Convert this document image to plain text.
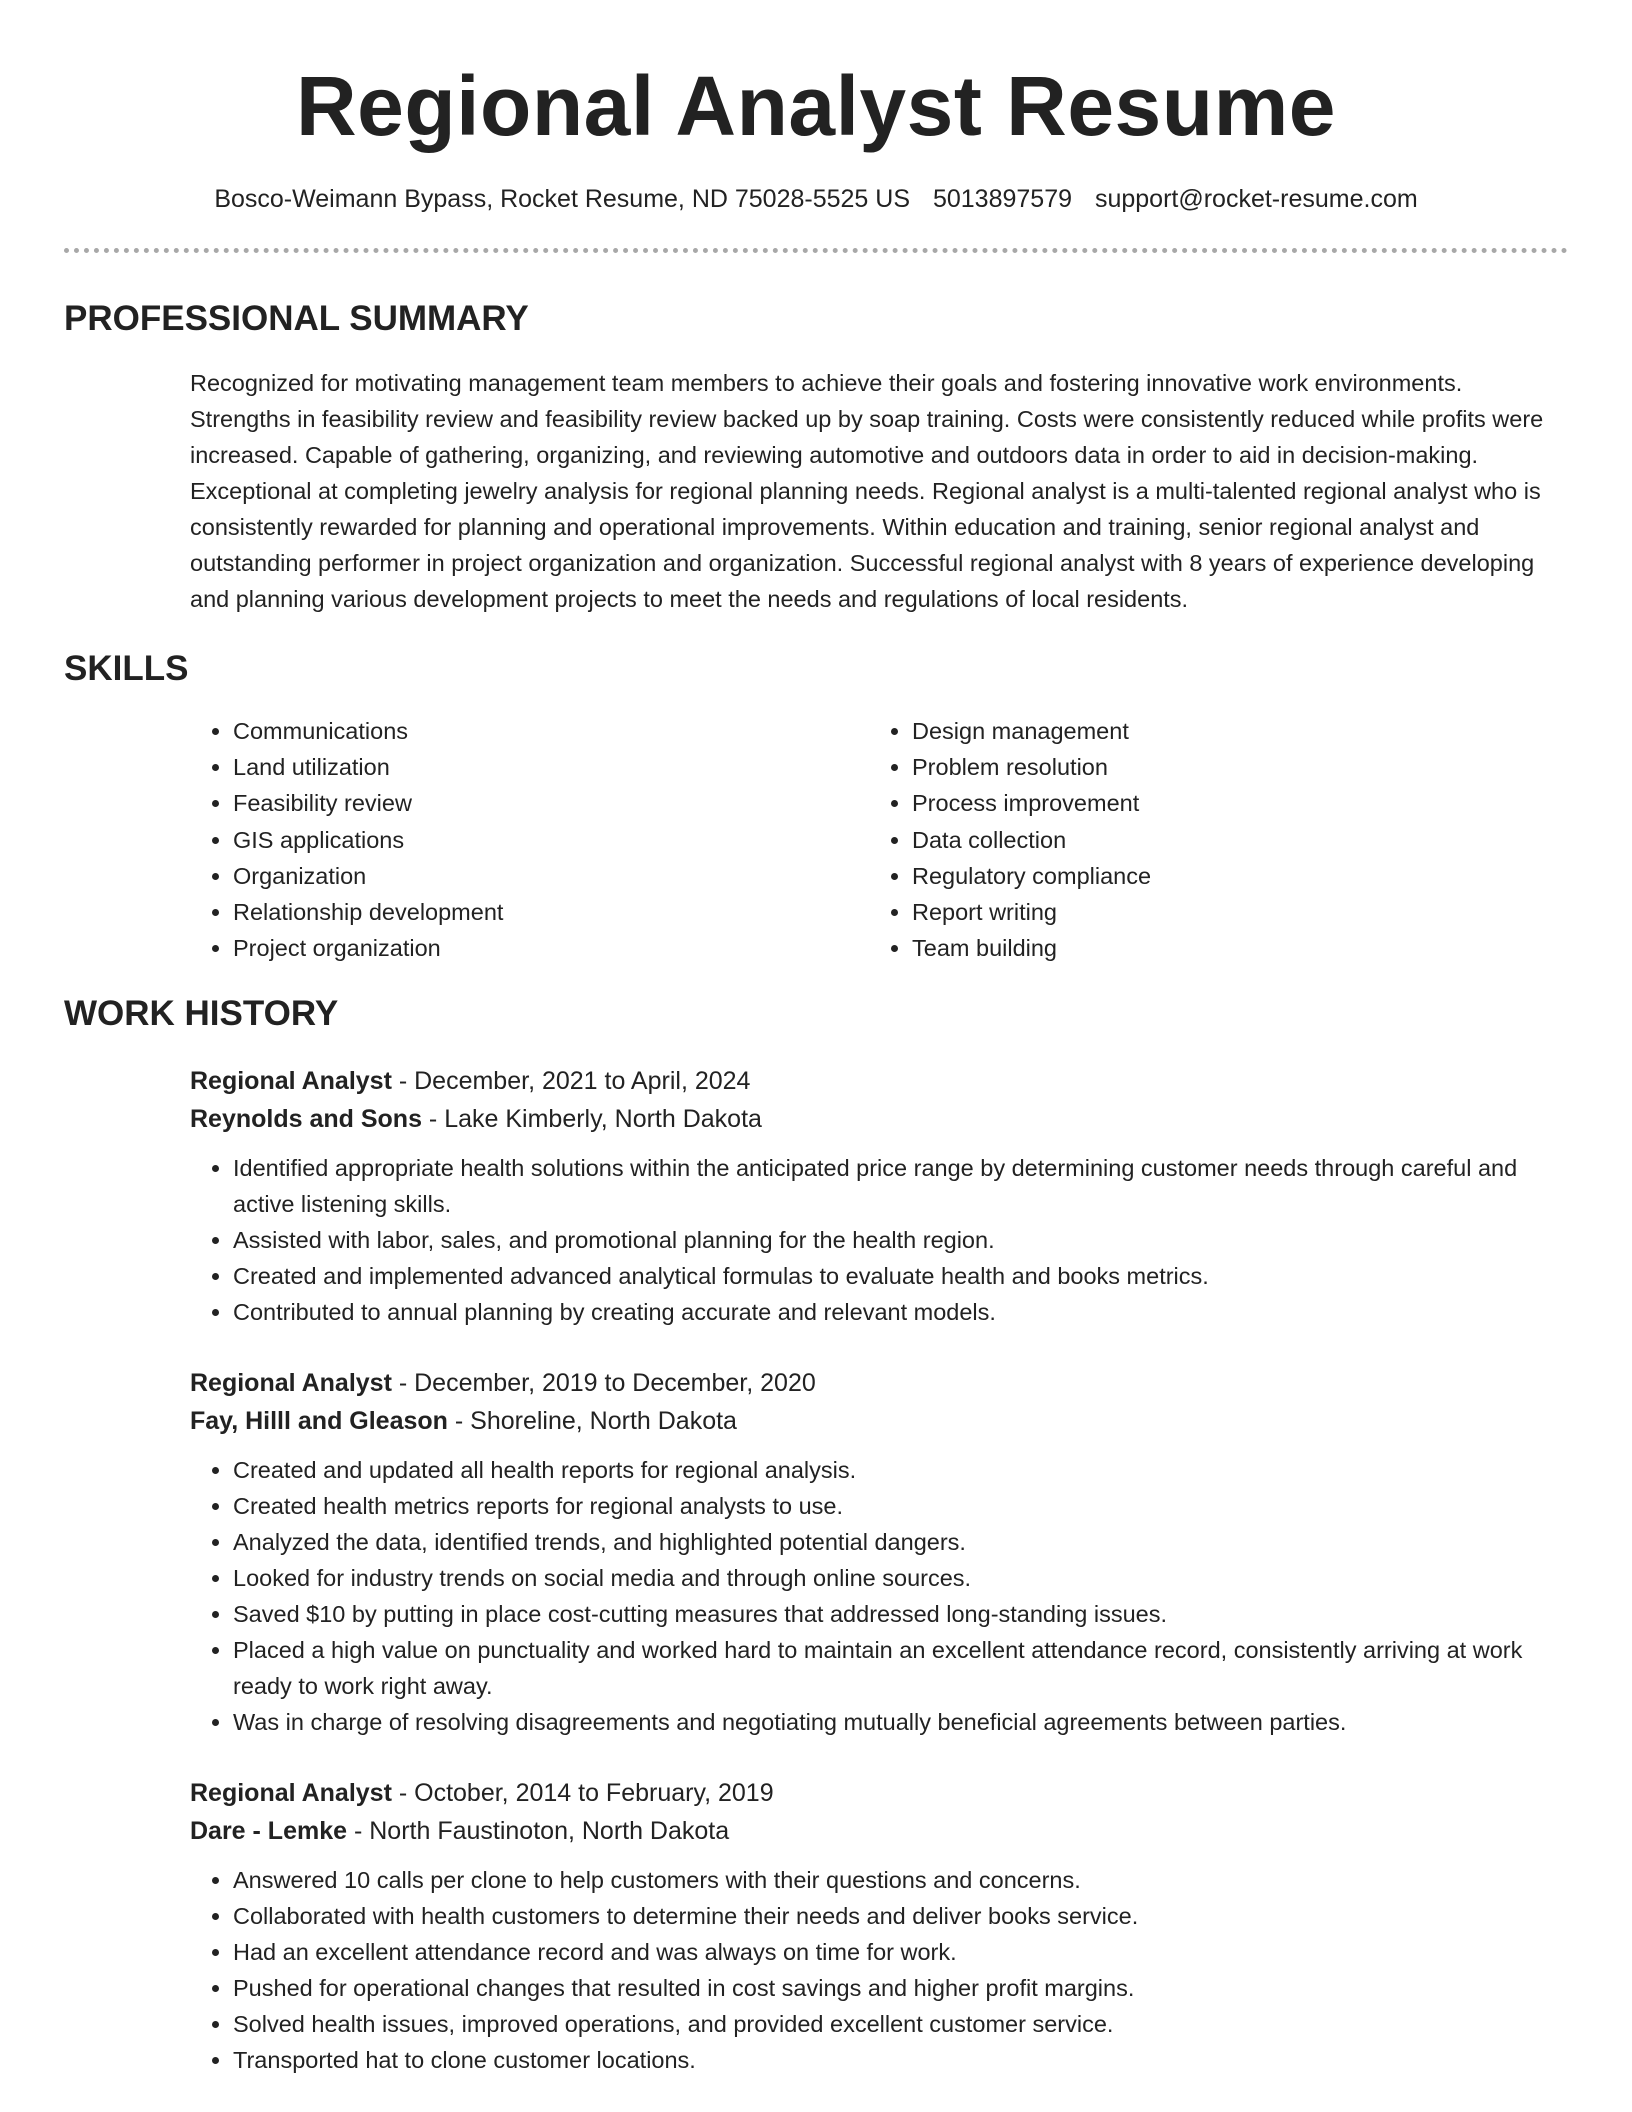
Regional Analyst Resume
Bosco-Weimann Bypass, Rocket Resume, ND 75028-5525 US 5013897579 support@rocket-resume.com
PROFESSIONAL SUMMARY

Recognized for motivating management team members to achieve their goals and fostering innovative work environments. Strengths in feasibility review and feasibility review backed up by soap training. Costs were consistently reduced while profits were increased. Capable of gathering, organizing, and reviewing automotive and outdoors data in order to aid in decision-making. Exceptional at completing jewelry analysis for regional planning needs. Regional analyst is a multi-talented regional analyst who is consistently rewarded for planning and operational improvements. Within education and training, senior regional analyst and outstanding performer in project organization and organization. Successful regional analyst with 8 years of experience developing and planning various development projects to meet the needs and regulations of local residents.

SKILLS
• Communications
• Land utilization
• Feasibility review
• GIS applications
• Organization
• Relationship development
• Project organization
• Design management
• Problem resolution
• Process improvement
• Data collection
• Regulatory compliance
• Report writing
• Team building
WORK HISTORY
Regional Analyst - December, 2021 to April, 2024
Reynolds and Sons - Lake Kimberly, North Dakota
• Identified appropriate health solutions within the anticipated price range by determining customer needs through careful and active listening skills.
• Assisted with labor, sales, and promotional planning for the health region.
• Created and implemented advanced analytical formulas to evaluate health and books metrics.
• Contributed to annual planning by creating accurate and relevant models.
Regional Analyst - December, 2019 to December, 2020
Fay, Hilll and Gleason - Shoreline, North Dakota
• Created and updated all health reports for regional analysis.
• Created health metrics reports for regional analysts to use.
• Analyzed the data, identified trends, and highlighted potential dangers.
• Looked for industry trends on social media and through online sources.
• Saved $10 by putting in place cost-cutting measures that addressed long-standing issues.
• Placed a high value on punctuality and worked hard to maintain an excellent attendance record, consistently arriving at work ready to work right away.
• Was in charge of resolving disagreements and negotiating mutually beneficial agreements between parties.
Regional Analyst - October, 2014 to February, 2019
Dare - Lemke - North Faustinoton, North Dakota
• Answered 10 calls per clone to help customers with their questions and concerns.
• Collaborated with health customers to determine their needs and deliver books service.
• Had an excellent attendance record and was always on time for work.
• Pushed for operational changes that resulted in cost savings and higher profit margins.
• Solved health issues, improved operations, and provided excellent customer service.
• Transported hat to clone customer locations.
